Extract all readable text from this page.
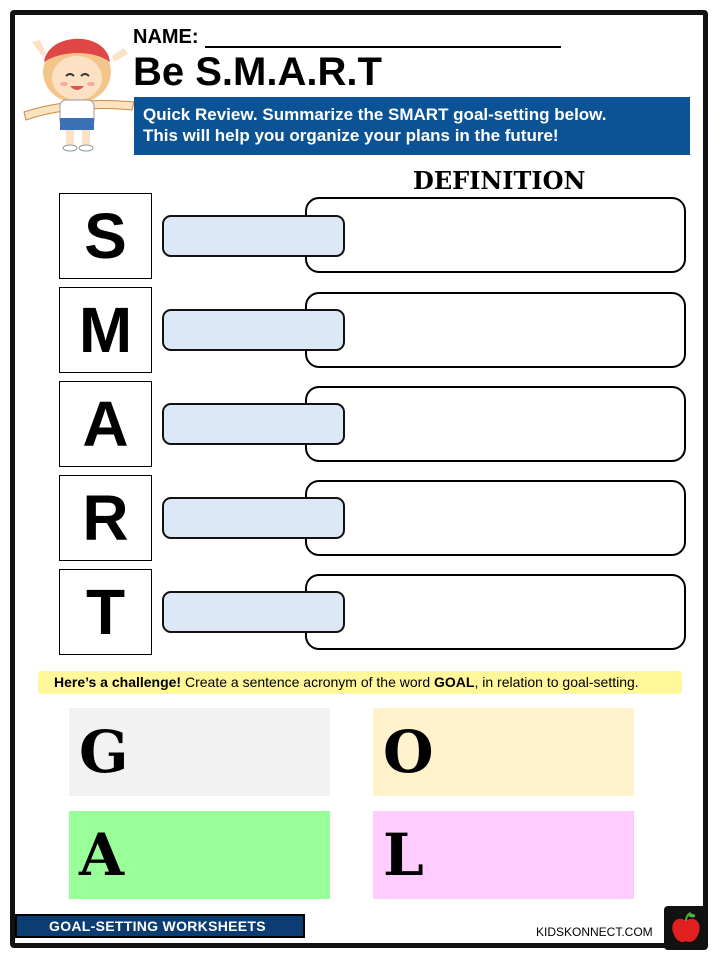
NAME:
Be S.M.A.R.T
Quick Review. Summarize the SMART goal-setting below.
This will help you organize your plans in the future!
DEFINITION
S
M
A
R
T
Here’s a challenge! Create a sentence acronym of the word GOAL, in relation to goal-setting.
G	O
A	L
GOAL-SETTING WORKSHEETS	KIDSKONNECT.COM
